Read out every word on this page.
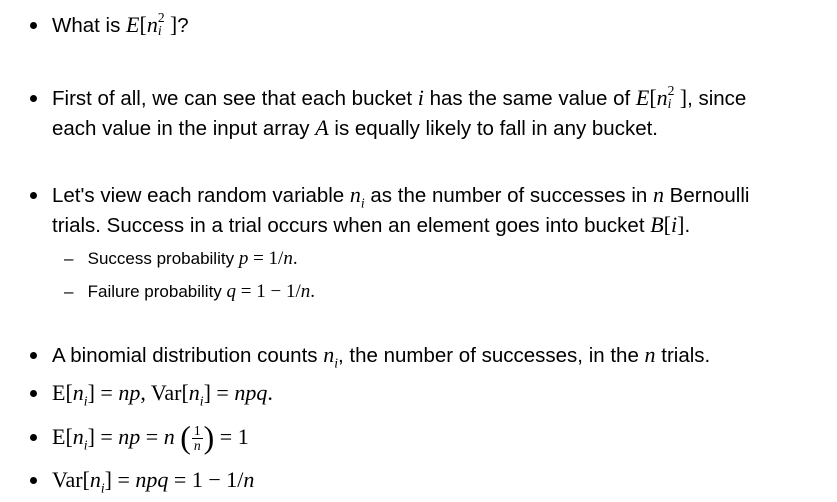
What is E[n 2
i ]?
First of all, we can see that each bucket i has the same value of E[n 2
i ], since
each value in the input array A is equally likely to fall in any bucket.
Let's view each random variable $n_i$ as the number of successes in n Bernoulli
trials. Success in a trial occurs when an element goes into bucket B[i].
–   Success probability p = 1/n.
–   Failure probability q = 1 − 1/n.
A binomial distribution counts $n_i$, the number of successes, in the n trials.
$E[n_i]$ = np, $Var[n_i]$ = npq.
$E[n_i]$ = np = n ( $\frac{1}{n}$ ) = 1
$Var[n_i]$ = npq = 1 − 1/n
